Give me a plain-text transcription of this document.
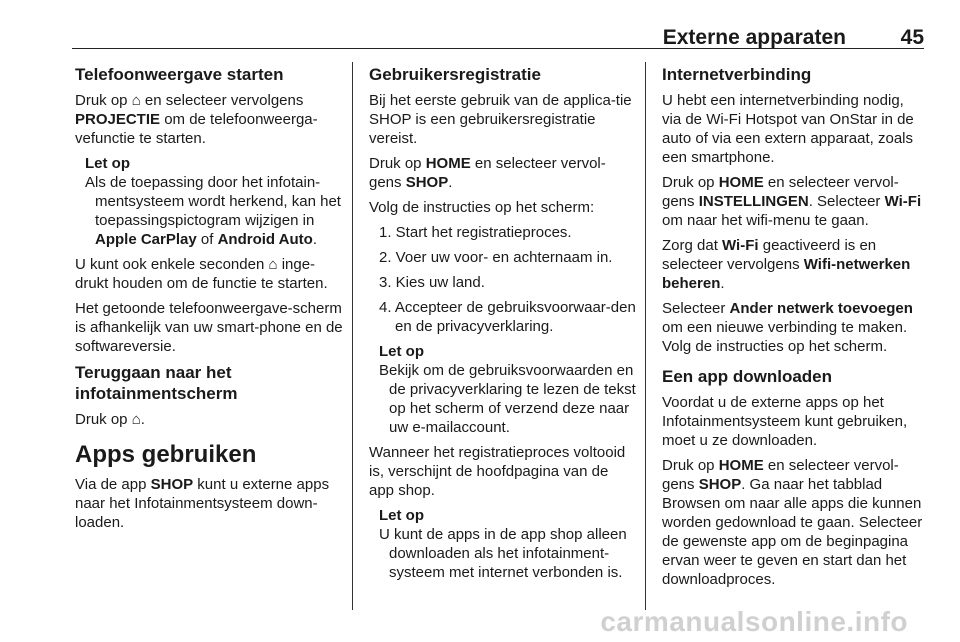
Externe apparaten	45
Telefoonweergave starten

Druk op ⌂ en selecteer vervolgens PROJECTIE om de telefoonweerga-vefunctie te starten.

Let op
Als de toepassing door het infotain-mentsysteem wordt herkend, kan het toepassingspictogram wijzigen in Apple CarPlay of Android Auto.

U kunt ook enkele seconden ⌂ inge-drukt houden om de functie te starten.

Het getoonde telefoonweergave-scherm is afhankelijk van uw smart-phone en de softwareversie.

Teruggaan naar het infotainmentscherm

Druk op ⌂.

Apps gebruiken

Via de app SHOP kunt u externe apps naar het Infotainmentsysteem down-loaden.

Gebruikersregistratie

Bij het eerste gebruik van de applica-tie SHOP is een gebruikersregistratie vereist.

Druk op HOME en selecteer vervol-gens SHOP.

Volg de instructies op het scherm:

1. Start het registratieproces.
2. Voer uw voor- en achternaam in.
3. Kies uw land.
4. Accepteer de gebruiksvoorwaar-den en de privacyverklaring.
Let op
Bekijk om de gebruiksvoorwaarden en de privacyverklaring te lezen de tekst op het scherm of verzend deze naar uw e-mailaccount.

Wanneer het registratieproces voltooid is, verschijnt de hoofdpagina van de app shop.

Let op
U kunt de apps in de app shop alleen downloaden als het infotainment-systeem met internet verbonden is.
Internetverbinding

U hebt een internetverbinding nodig, via de Wi-Fi Hotspot van OnStar in de auto of via een extern apparaat, zoals een smartphone.

Druk op HOME en selecteer vervol-gens INSTELLINGEN. Selecteer Wi-Fi om naar het wifi-menu te gaan.

Zorg dat Wi-Fi geactiveerd is en selecteer vervolgens Wifi-netwerken beheren.

Selecteer Ander netwerk toevoegen om een nieuwe verbinding te maken. Volg de instructies op het scherm.

Een app downloaden

Voordat u de externe apps op het Infotainmentsysteem kunt gebruiken, moet u ze downloaden.

Druk op HOME en selecteer vervol-gens SHOP. Ga naar het tabblad Browsen om naar alle apps die kunnen worden gedownload te gaan. Selecteer de gewenste app om de beginpagina ervan weer te geven en start dan het downloadproces.

carmanualsonline.info
